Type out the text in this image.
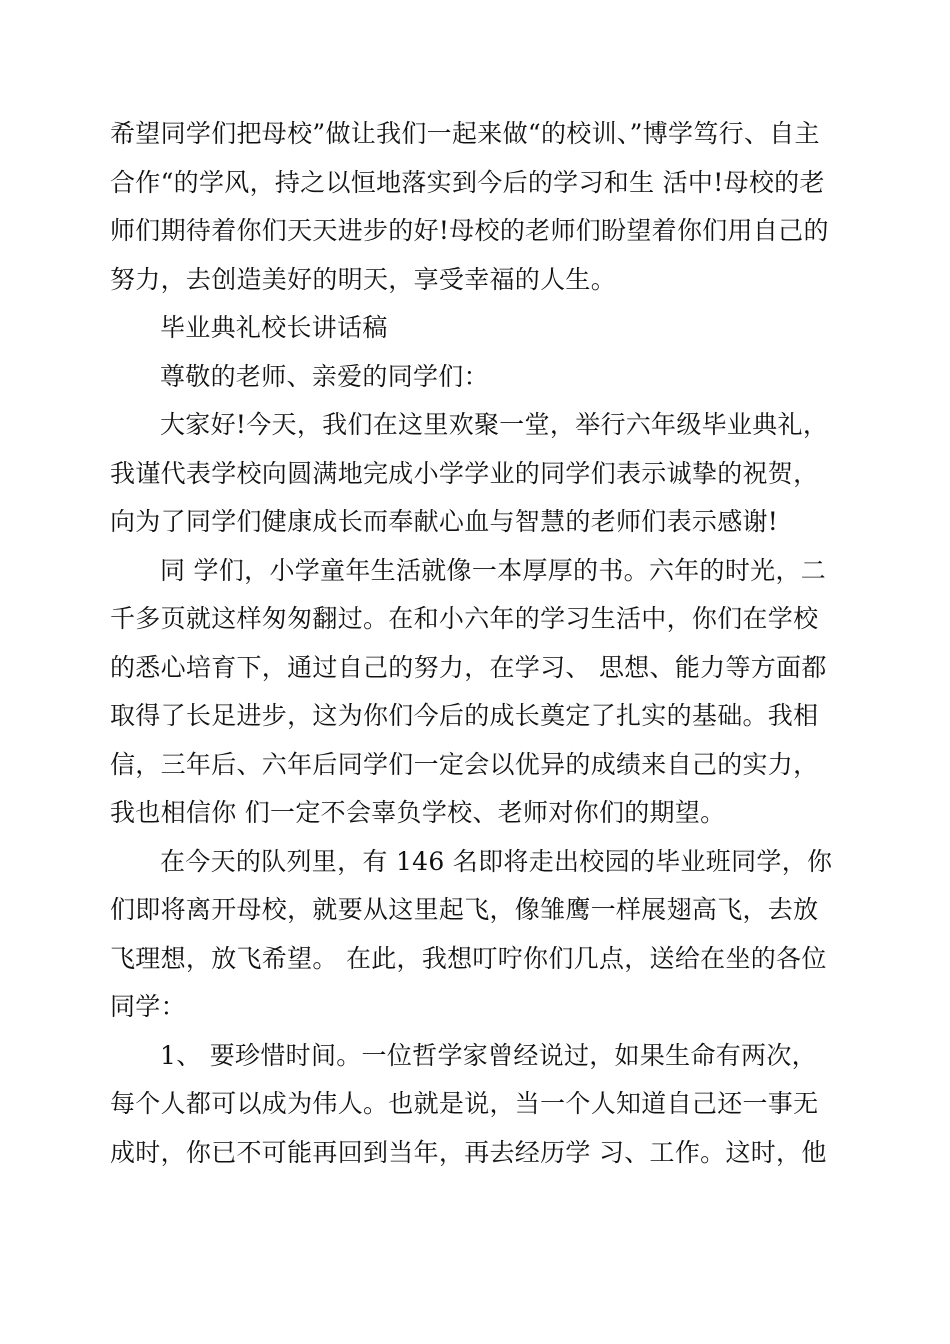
希望同学们把母校”做让我们一起来做“的校训、”博学笃行、自主合作“的学风，持之以恒地落实到今后的学习和生 活中!母校的老师们期待着你们天天进步的好!母校的老师们盼望着你们用自己的努力，去创造美好的明天，享受幸福的人生。

毕业典礼校长讲话稿

尊敬的老师、亲爱的同学们：

大家好!今天，我们在这里欢聚一堂，举行六年级毕业典礼，我谨代表学校向圆满地完成小学学业的同学们表示诚挚的祝贺，向为了同学们健康成长而奉献心血与智慧的老师们表示感谢!

同 学们，小学童年生活就像一本厚厚的书。六年的时光，二千多页就这样匆匆翻过。在和小六年的学习生活中，你们在学校的悉心培育下，通过自己的努力，在学习、 思想、能力等方面都取得了长足进步，这为你们今后的成长奠定了扎实的基础。我相信，三年后、六年后同学们一定会以优异的成绩来自己的实力，我也相信你 们一定不会辜负学校、老师对你们的期望。

在今天的队列里，有 146 名即将走出校园的毕业班同学，你们即将离开母校，就要从这里起飞，像雏鹰一样展翅高飞，去放飞理想，放飞希望。 在此，我想叮咛你们几点，送给在坐的各位同学：

1、 要珍惜时间。一位哲学家曾经说过，如果生命有两次，每个人都可以成为伟人。也就是说，当一个人知道自己还一事无成时，你已不可能再回到当年，再去经历学 习、工作。这时，他
